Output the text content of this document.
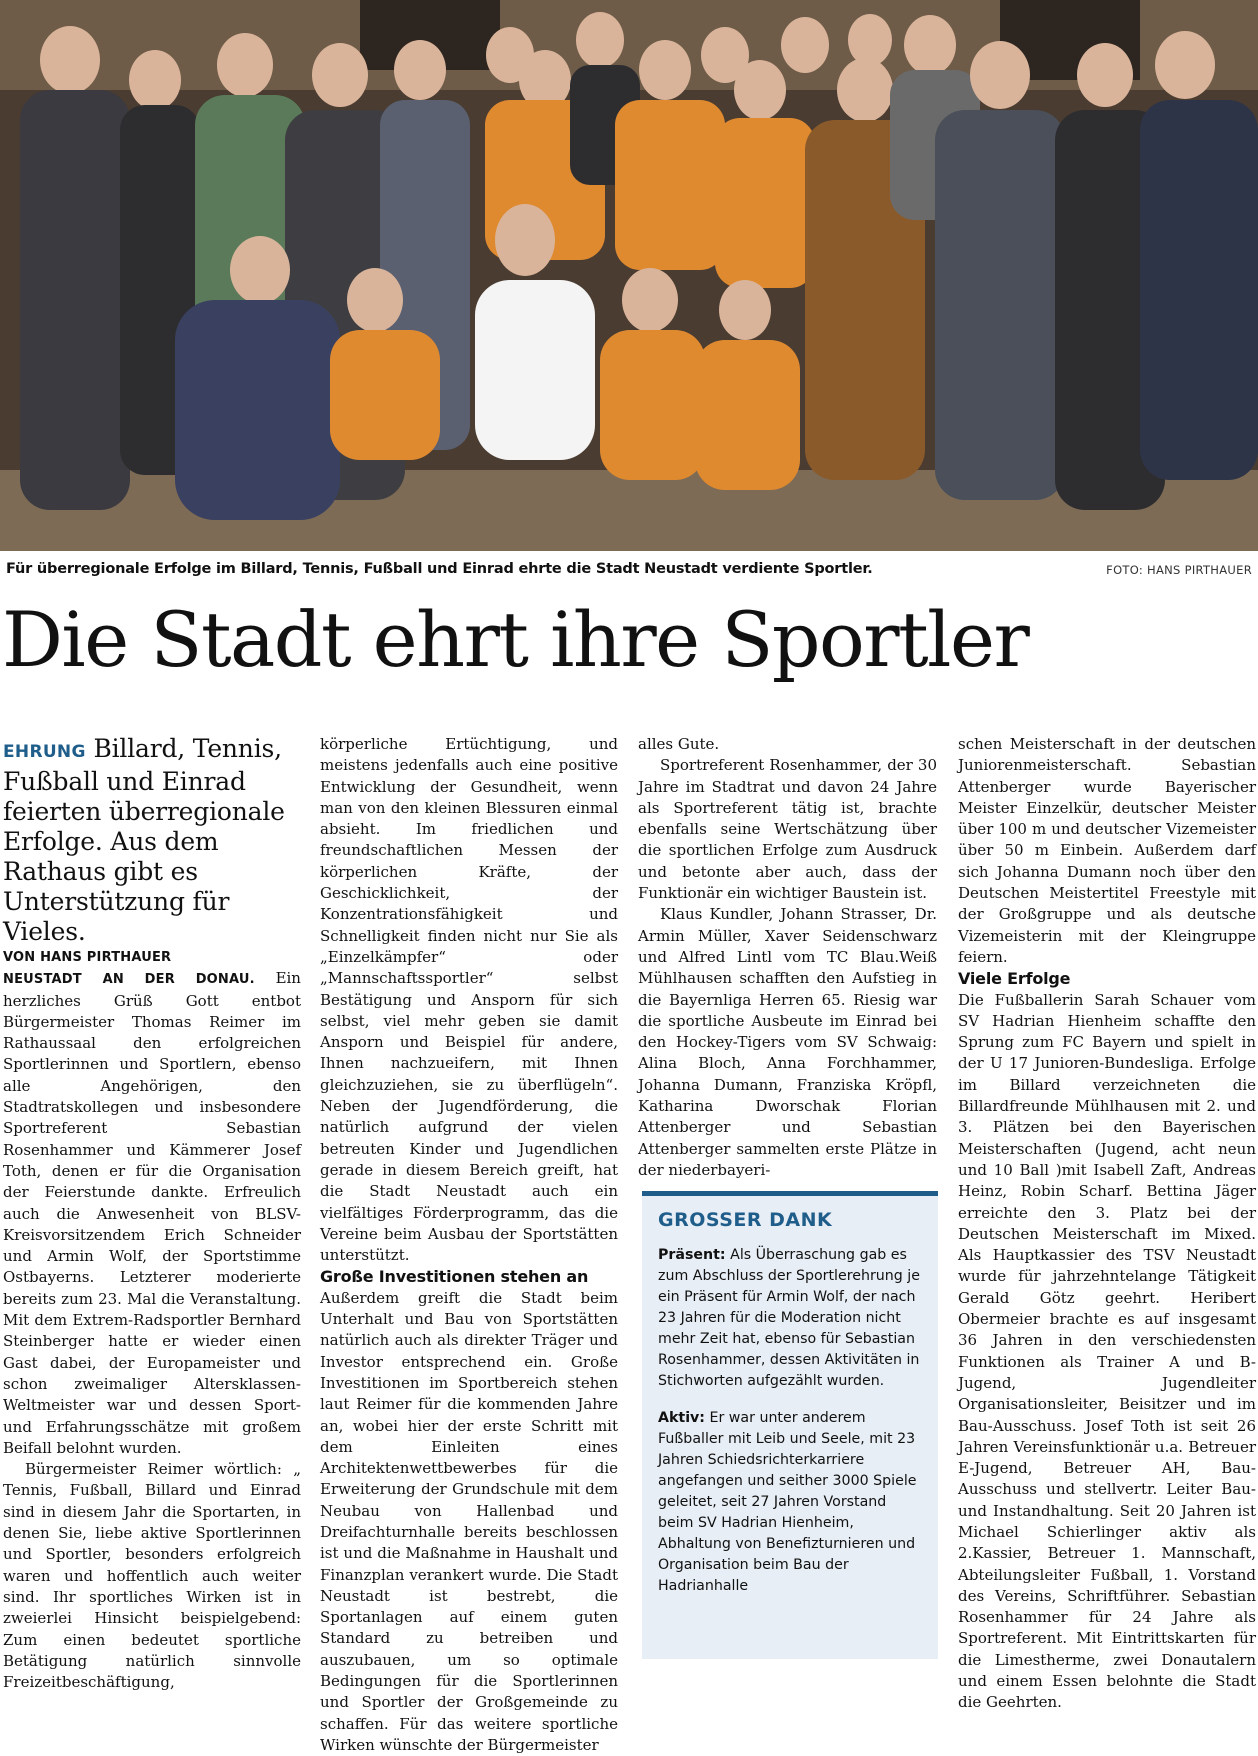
Für überregionale Erfolge im Billard, Tennis, Fußball und Einrad ehrte die Stadt Neustadt verdiente Sportler.	FOTO: HANS PIRTHAUER
Die Stadt ehrt ihre Sportler

EHRUNG Billard, Tennis, Fußball und Einrad feierten überregionale Erfolge. Aus dem Rathaus gibt es Unterstützung für Vieles.

VON HANS PIRTHAUER

NEUSTADT AN DER DONAU. Ein herzliches Grüß Gott entbot Bürgermeister Thomas Reimer im Rathaussaal den erfolgreichen Sportlerinnen und Sportlern, ebenso alle Angehörigen, den Stadtratskollegen und insbesondere Sportreferent Sebastian Rosenhammer und Kämmerer Josef Toth, denen er für die Organisation der Feierstunde dankte. Erfreulich auch die Anwesenheit von BLSV-Kreisvorsitzendem Erich Schneider und Armin Wolf, der Sportstimme Ostbayerns. Letzterer moderierte bereits zum 23. Mal die Veranstaltung. Mit dem Extrem-Radsportler Bernhard Steinberger hatte er wieder einen Gast dabei, der Europameister und schon zweimaliger Altersklassen-Weltmeister war und dessen Sport- und Erfahrungsschätze mit großem Beifall belohnt wurden.

Bürgermeister Reimer wörtlich: „ Tennis, Fußball, Billard und Einrad sind in diesem Jahr die Sportarten, in denen Sie, liebe aktive Sportlerinnen und Sportler, besonders erfolgreich waren und hoffentlich auch weiter sind. Ihr sportliches Wirken ist in zweierlei Hinsicht beispielgebend: Zum einen bedeutet sportliche Betätigung natürlich sinnvolle Freizeitbeschäftigung,

körperliche Ertüchtigung, und meistens jedenfalls auch eine positive Entwicklung der Gesundheit, wenn man von den kleinen Blessuren einmal absieht. Im friedlichen und freundschaftlichen Messen der körperlichen Kräfte, der Geschicklichkeit, der Konzentrationsfähigkeit und Schnelligkeit finden nicht nur Sie als „Einzelkämpfer“ oder „Mannschaftssportler“ selbst Bestätigung und Ansporn für sich selbst, viel mehr geben sie damit Ansporn und Beispiel für andere, Ihnen nachzueifern, mit Ihnen gleichzuziehen, sie zu überflügeln“. Neben der Jugendförderung, die natürlich aufgrund der vielen betreuten Kinder und Jugendlichen gerade in diesem Bereich greift, hat die Stadt Neustadt auch ein vielfältiges Förderprogramm, das die Vereine beim Ausbau der Sportstätten unterstützt.

Große Investitionen stehen an

Außerdem greift die Stadt beim Unterhalt und Bau von Sportstätten natürlich auch als direkter Träger und Investor entsprechend ein. Große Investitionen im Sportbereich stehen laut Reimer für die kommenden Jahre an, wobei hier der erste Schritt mit dem Einleiten eines Architektenwettbewerbes für die Erweiterung der Grundschule mit dem Neubau von Hallenbad und Dreifachturnhalle bereits beschlossen ist und die Maßnahme in Haushalt und Finanzplan verankert wurde. Die Stadt Neustadt ist bestrebt, die Sportanlagen auf einem guten Standard zu betreiben und auszubauen, um so optimale Bedingungen für die Sportlerinnen und Sportler der Großgemeinde zu schaffen. Für das weitere sportliche Wirken wünschte der Bürgermeister

alles Gute.

Sportreferent Rosenhammer, der 30 Jahre im Stadtrat und davon 24 Jahre als Sportreferent tätig ist, brachte ebenfalls seine Wertschätzung über die sportlichen Erfolge zum Ausdruck und betonte aber auch, dass der Funktionär ein wichtiger Baustein ist.

Klaus Kundler, Johann Strasser, Dr. Armin Müller, Xaver Seidenschwarz und Alfred Lintl vom TC Blau.Weiß Mühlhausen schafften den Aufstieg in die Bayernliga Herren 65. Riesig war die sportliche Ausbeute im Einrad bei den Hockey-Tigers vom SV Schwaig: Alina Bloch, Anna Forchhammer, Johanna Dumann, Franziska Kröpfl, Katharina Dworschak Florian Attenberger und Sebastian Attenberger sammelten erste Plätze in der niederbayeri-

GROSSER DANK

Präsent: Als Überraschung gab es zum Abschluss der Sportlerehrung je ein Präsent für Armin Wolf, der nach 23 Jahren für die Moderation nicht mehr Zeit hat, ebenso für Sebastian Rosenhammer, dessen Aktivitäten in Stichworten aufgezählt wurden.

Aktiv: Er war unter anderem Fußballer mit Leib und Seele, mit 23 Jahren Schiedsrichterkarriere angefangen und seither 3000 Spiele geleitet, seit 27 Jahren Vorstand beim SV Hadrian Hienheim, Abhaltung von Benefizturnieren und Organisation beim Bau der Hadrianhalle

schen Meisterschaft in der deutschen Juniorenmeisterschaft. Sebastian Attenberger wurde Bayerischer Meister Einzelkür, deutscher Meister über 100 m und deutscher Vizemeister über 50 m Einbein. Außerdem darf sich Johanna Dumann noch über den Deutschen Meistertitel Freestyle mit der Großgruppe und als deutsche Vizemeisterin mit der Kleingruppe feiern.

Viele Erfolge

Die Fußballerin Sarah Schauer vom SV Hadrian Hienheim schaffte den Sprung zum FC Bayern und spielt in der U 17 Junioren-Bundesliga. Erfolge im Billard verzeichneten die Billardfreunde Mühlhausen mit 2. und 3. Plätzen bei den Bayerischen Meisterschaften (Jugend, acht neun und 10 Ball )mit Isabell Zaft, Andreas Heinz, Robin Scharf. Bettina Jäger erreichte den 3. Platz bei der Deutschen Meisterschaft im Mixed. Als Hauptkassier des TSV Neustadt wurde für jahrzehntelange Tätigkeit Gerald Götz geehrt. Heribert Obermeier brachte es auf insgesamt 36 Jahren in den verschiedensten Funktionen als Trainer A und B-Jugend, Jugendleiter Organisationsleiter, Beisitzer und im Bau-Ausschuss. Josef Toth ist seit 26 Jahren Vereinsfunktionär u.a. Betreuer E-Jugend, Betreuer AH, Bau-Ausschuss und stellvertr. Leiter Bau- und Instandhaltung. Seit 20 Jahren ist Michael Schierlinger aktiv als 2.Kassier, Betreuer 1. Mannschaft, Abteilungsleiter Fußball, 1. Vorstand des Vereins, Schriftführer. Sebastian Rosenhammer für 24 Jahre als Sportreferent. Mit Eintrittskarten für die Limestherme, zwei Donautalern und einem Essen belohnte die Stadt die Geehrten.
